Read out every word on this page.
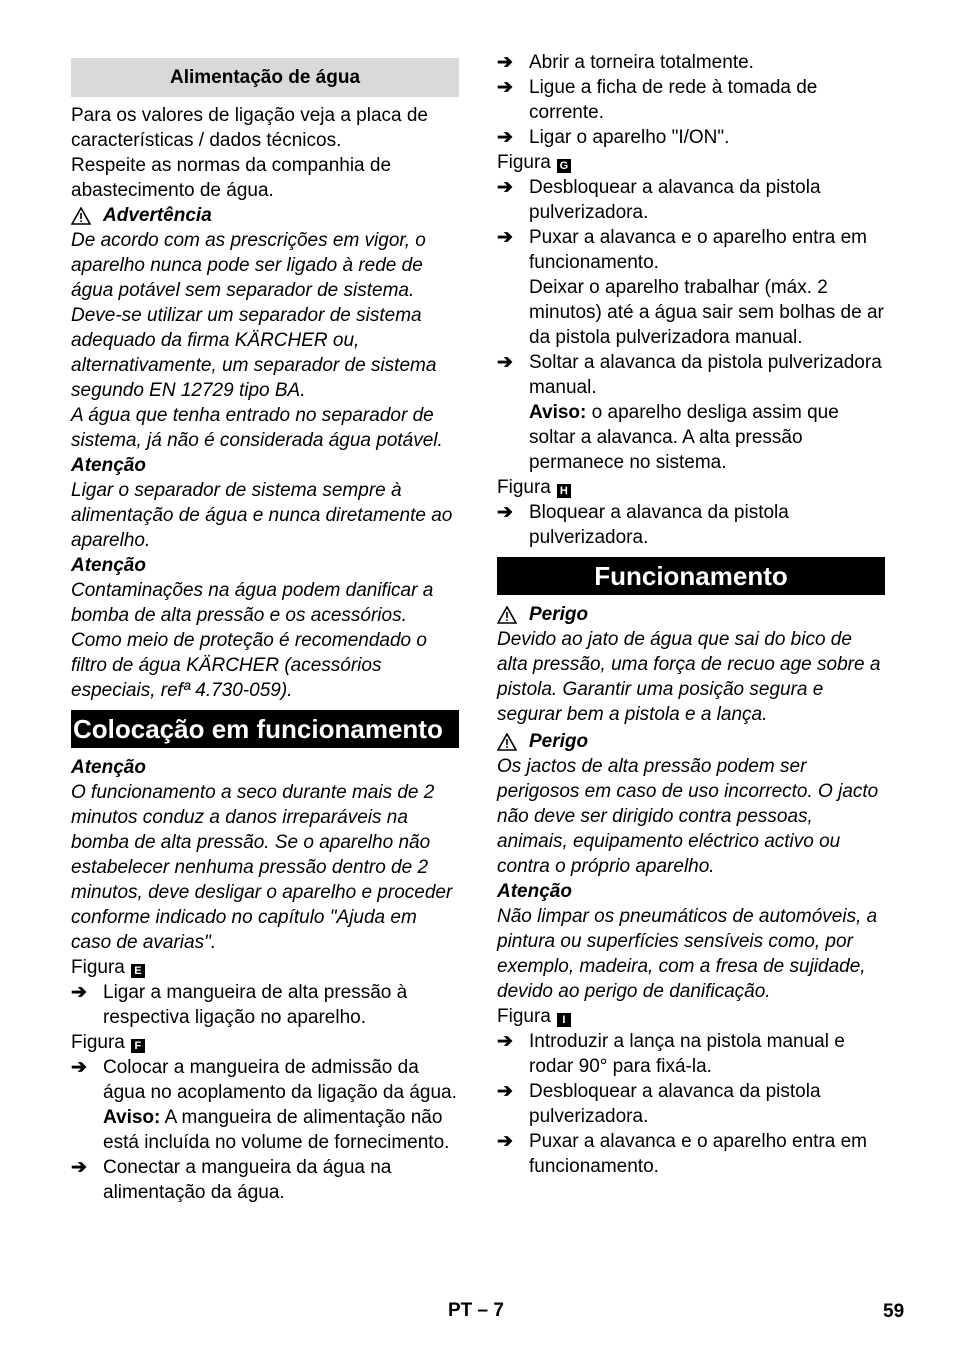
Alimentação de água
Para os valores de ligação veja a placa de características / dados técnicos.
Respeite as normas da companhia de abastecimento de água.
Advertência
De acordo com as prescrições em vigor, o aparelho nunca pode ser ligado à rede de água potável sem separador de sistema. Deve-se utilizar um separador de sistema adequado da firma KÄRCHER ou, alternativamente, um separador de sistema segundo EN 12729 tipo BA.
A água que tenha entrado no separador de sistema, já não é considerada água potável.
Atenção
Ligar o separador de sistema sempre à alimentação de água e nunca diretamente ao aparelho.
Atenção
Contaminações na água podem danificar a bomba de alta pressão e os acessórios. Como meio de proteção é recomendado o filtro de água KÄRCHER (acessórios especiais, refª 4.730-059).
Colocação em funcionamento
Atenção
O funcionamento a seco durante mais de 2 minutos conduz a danos irreparáveis na bomba de alta pressão. Se o aparelho não estabelecer nenhuma pressão dentro de 2 minutos, deve desligar o aparelho e proceder conforme indicado no capítulo "Ajuda em caso de avarias".
Figura E
➔ Ligar a mangueira de alta pressão à respectiva ligação no aparelho.
Figura F
➔ Colocar a mangueira de admissão da água no acoplamento da ligação da água.
Aviso: A mangueira de alimentação não está incluída no volume de fornecimento.
➔ Conectar a mangueira da água na alimentação da água.
➔ Abrir a torneira totalmente.
➔ Ligue a ficha de rede à tomada de corrente.
➔ Ligar o aparelho "I/ON".
Figura G
➔ Desbloquear a alavanca da pistola pulverizadora.
➔ Puxar a alavanca e o aparelho entra em funcionamento.
Deixar o aparelho trabalhar (máx. 2 minutos) até a água sair sem bolhas de ar da pistola pulverizadora manual.
➔ Soltar a alavanca da pistola pulverizadora manual.
Aviso: o aparelho desliga assim que soltar a alavanca. A alta pressão permanece no sistema.
Figura H
➔ Bloquear a alavanca da pistola pulverizadora.
Funcionamento
Perigo
Devido ao jato de água que sai do bico de alta pressão, uma força de recuo age sobre a pistola. Garantir uma posição segura e segurar bem a pistola e a lança.
Perigo
Os jactos de alta pressão podem ser perigosos em caso de uso incorrecto. O jacto não deve ser dirigido contra pessoas, animais, equipamento eléctrico activo ou contra o próprio aparelho.
Atenção
Não limpar os pneumáticos de automóveis, a pintura ou superfícies sensíveis como, por exemplo, madeira, com a fresa de sujidade, devido ao perigo de danificação.
Figura I
➔ Introduzir a lança na pistola manual e rodar 90° para fixá-la.
➔ Desbloquear a alavanca da pistola pulverizadora.
➔ Puxar a alavanca e o aparelho entra em funcionamento.
PT – 7	59
